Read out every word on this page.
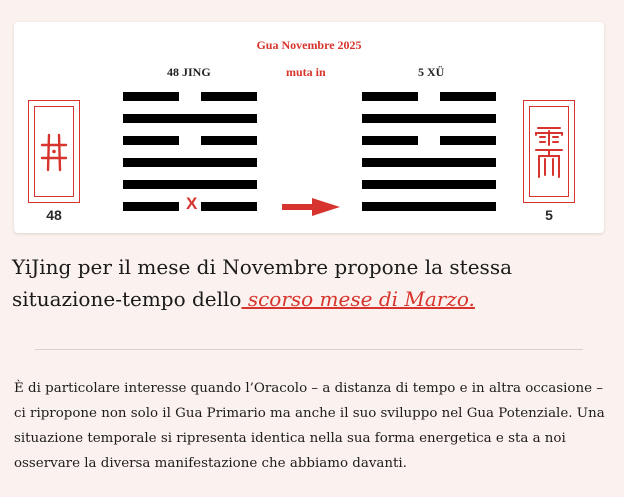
Gua Novembre 2025
48 JING	muta in	5 XÜ
48
X
5
YiJing per il mese di Novembre propone la stessa situazione-tempo dello scorso mese di Marzo.

È di particolare interesse quando l’Oracolo – a distanza di tempo e in altra occasione – ci ripropone non solo il Gua Primario ma anche il suo sviluppo nel Gua Potenziale. Una situazione temporale si ripresenta identica nella sua forma energetica e sta a noi osservare la diversa manifestazione che abbiamo davanti.
